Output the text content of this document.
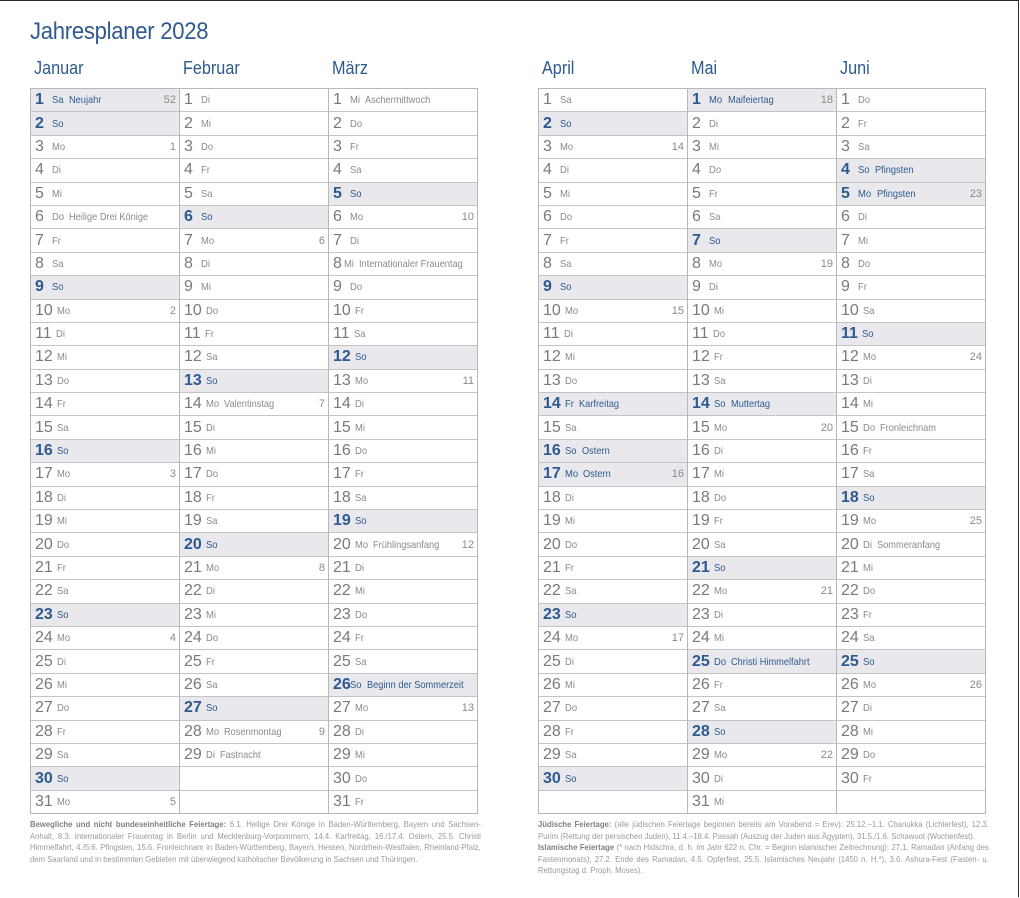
Jahresplaner 2028
Januar	Februar	März	April	Mai	Juni
1 Sa Neujahr	52
2 So
3 Mo	1
4 Di
5 Mi
6 Do Heilige Drei Könige
7 Fr
8 Sa
9 So
10 Mo	2
11 Di
12 Mi
13 Do
14 Fr
15 Sa
16 So
17 Mo	3
18 Di
19 Mi
20 Do
21 Fr
22 Sa
23 So
24 Mo	4
25 Di
26 Mi
27 Do
28 Fr
29 Sa
30 So
31 Mo	5
1 Di
2 Mi
3 Do
4 Fr
5 Sa
6 So
7 Mo	6
8 Di
9 Mi
10 Do
11 Fr
12 Sa
13 So
14 Mo Valentinstag	7
15 Di
16 Mi
17 Do
18 Fr
19 Sa
20 So
21 Mo	8
22 Di
23 Mi
24 Do
25 Fr
26 Sa
27 So
28 Mo Rosenmontag	9
29 Di Fastnacht
1 Mi Aschermittwoch
2 Do
3 Fr
4 Sa
5 So
6 Mo	10
7 Di
8 Mi Internationaler Frauentag
9 Do
10 Fr
11 Sa
12 So
13 Mo	11
14 Di
15 Mi
16 Do
17 Fr
18 Sa
19 So
20 Mo Frühlingsanfang 12
21 Di
22 Mi
23 Do
24 Fr
25 Sa
26 So Beginn der Sommerzeit
27 Mo	13
28 Di
29 Mi
30 Do
31 Fr
1 Sa
2 So
3 Mo	14
4 Di
5 Mi
6 Do
7 Fr
8 Sa
9 So
10 Mo	15
11 Di
12 Mi
13 Do
14 Fr Karfreitag
15 Sa
16 So Ostern
17 Mo Ostern	16
18 Di
19 Mi
20 Do
21 Fr
22 Sa
23 So
24 Mo	17
25 Di
26 Mi
27 Do
28 Fr
29 Sa
30 So
1 Mo Maifeiertag	18
2 Di
3 Mi
4 Do
5 Fr
6 Sa
7 So
8 Mo	19
9 Di
10 Mi
11 Do
12 Fr
13 Sa
14 So Muttertag
15 Mo	20
16 Di
17 Mi
18 Do
19 Fr
20 Sa
21 So
22 Mo	21
23 Di
24 Mi
25 Do Christi Himmelfahrt
26 Fr
27 Sa
28 So
29 Mo	22
30 Di
31 Mi
1 Do
2 Fr
3 Sa
4 So Pfingsten
5 Mo Pfingsten	23
6 Di
7 Mi
8 Do
9 Fr
10 Sa
11 So
12 Mo	24
13 Di
14 Mi
15 Do Fronleichnam
16 Fr
17 Sa
18 So
19 Mo	25
20 Di Sommeranfang
21 Mi
22 Do
23 Fr
24 Sa
25 So
26 Mo	26
27 Di
28 Mi
29 Do
30 Fr
Bewegliche und nicht bundeseinheitliche Feiertage: 6.1. Heilige Drei Könige in Baden-Württemberg, Bayern und Sachsen-Anhalt, 8.3. Internationaler Frauentag in Berlin und Mecklenburg-Vorpommern, 14.4. Karfreitag, 16./17.4. Ostern, 25.5. Christi Himmelfahrt, 4./5.6. Pfingsten, 15.6. Fronleichnam in Baden-Württemberg, Bayern, Hessen, Nordrhein-Westfalen, Rheinland-Pfalz, dem Saarland und in bestimmten Gebieten mit überwiegend katholischer Bevölkerung in Sachsen und Thüringen.
Jüdische Feiertage: (alle jüdischen Feiertage beginnen bereits am Vorabend = Erev): 25.12.–1.1. Chanukka (Lichterfest), 12.3. Purim (Rettung der persischen Juden), 11.4.–18.4. Passah (Auszug der Juden aus Ägypten), 31.5./1.6. Schawuot (Wochenfest).
Islamische Feiertage (* nach Hidschra, d. h. im Jahr 622 n. Chr. = Beginn islamischer Zeitrechnung): 27.1. Ramadan (Anfang des Fastenmonats), 27.2. Ende des Ramadan, 4.5. Opferfest, 25.5. Islamisches Neujahr (1450 n. H.*), 3.6. Ashura-Fest (Fasten- u. Rettungstag d. Proph. Moses).
